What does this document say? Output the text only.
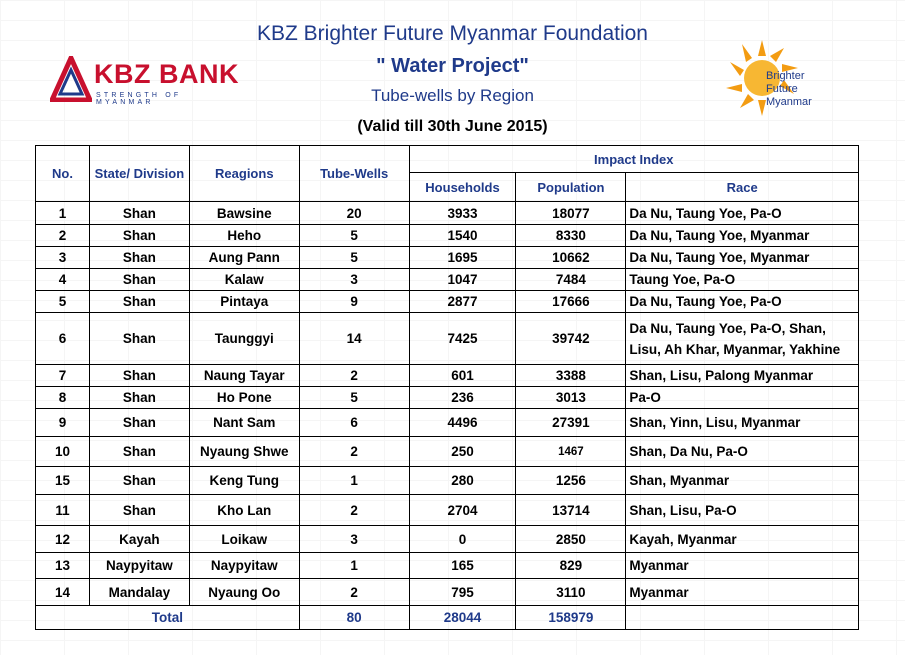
KBZ Brighter Future Myanmar Foundation
" Water Project"
Tube-wells by Region
(Valid till 30th June 2015)
KBZ BANK
STRENGTH OF MYANMAR
Brighter
Future
Myanmar
No.	State/ Division	Reagions	Tube-Wells	Impact Index		
				Households	Population	Race
1	Shan	Bawsine	20	3933	18077	Da Nu, Taung Yoe, Pa-O
2	Shan	Heho	5	1540	8330	Da Nu, Taung Yoe, Myanmar
3	Shan	Aung Pann	5	1695	10662	Da Nu, Taung Yoe, Myanmar
4	Shan	Kalaw	3	1047	7484	Taung Yoe, Pa-O
5	Shan	Pintaya	9	2877	17666	Da Nu, Taung Yoe, Pa-O
6	Shan	Taunggyi	14	7425	39742	Da Nu, Taung Yoe, Pa-O, Shan,
Lisu, Ah Khar, Myanmar, Yakhine

7	Shan	Naung Tayar	2	601	3388	Shan, Lisu, Palong Myanmar
8	Shan	Ho Pone	5	236	3013	Pa-O
9	Shan	Nant Sam	6	4496	27391	Shan, Yinn, Lisu, Myanmar
10	Shan	Nyaung Shwe	2	250	1467	Shan, Da Nu, Pa-O
15	Shan	Keng Tung	1	280	1256	Shan, Myanmar
11	Shan	Kho Lan	2	2704	13714	Shan, Lisu, Pa-O
12	Kayah	Loikaw	3	0	2850	Kayah, Myanmar
13	Naypyitaw	Naypyitaw	1	165	829	Myanmar
14	Mandalay	Nyaung Oo	2	795	3110	Myanmar
Total			80	28044	158979	
